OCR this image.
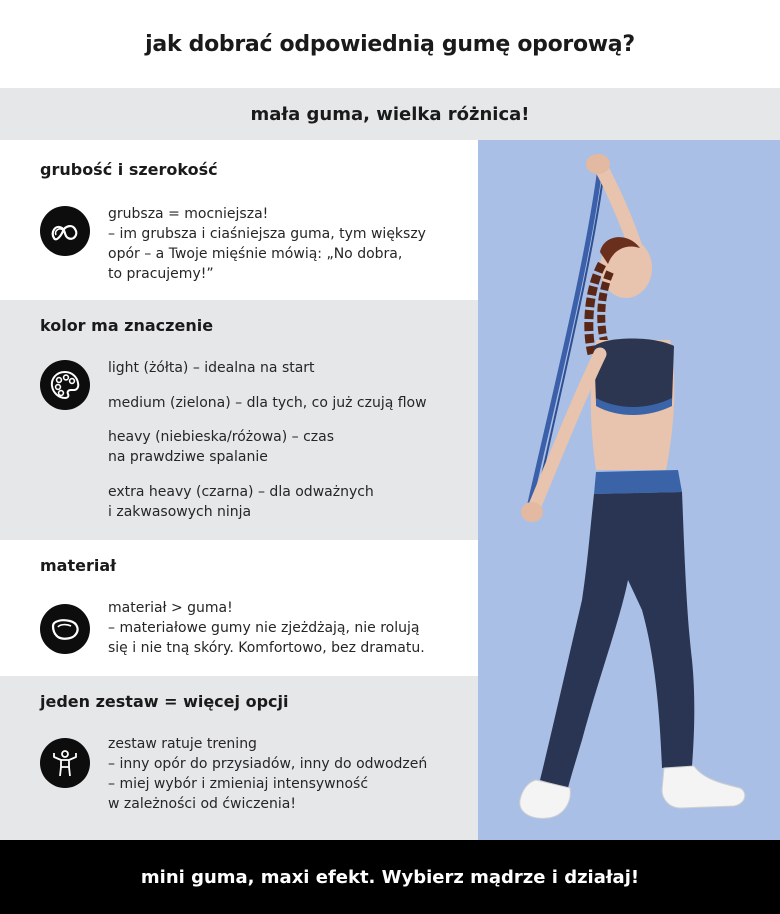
jak dobrać odpowiednią gumę oporową?
mała guma, wielka różnica!
grubość i szerokość
grubsza = mocniejsza!
– im grubsza i ciaśniejsza guma, tym większy
opór – a Twoje mięśnie mówią: „No dobra,
to pracujemy!”
kolor ma znaczenie
light (żółta) – idealna na start
medium (zielona) – dla tych, co już czują flow
heavy (niebieska/różowa) – czas
na prawdziwe spalanie
extra heavy (czarna) – dla odważnych
i zakwasowych ninja
materiał
materiał > guma!
– materiałowe gumy nie zjeżdżają, nie rolują
się i nie tną skóry. Komfortowo, bez dramatu.
jeden zestaw = więcej opcji
zestaw ratuje trening
– inny opór do przysiadów, inny do odwodzeń
– miej wybór i zmieniaj intensywność
w zależności od ćwiczenia!
mini guma, maxi efekt. Wybierz mądrze i działaj!
